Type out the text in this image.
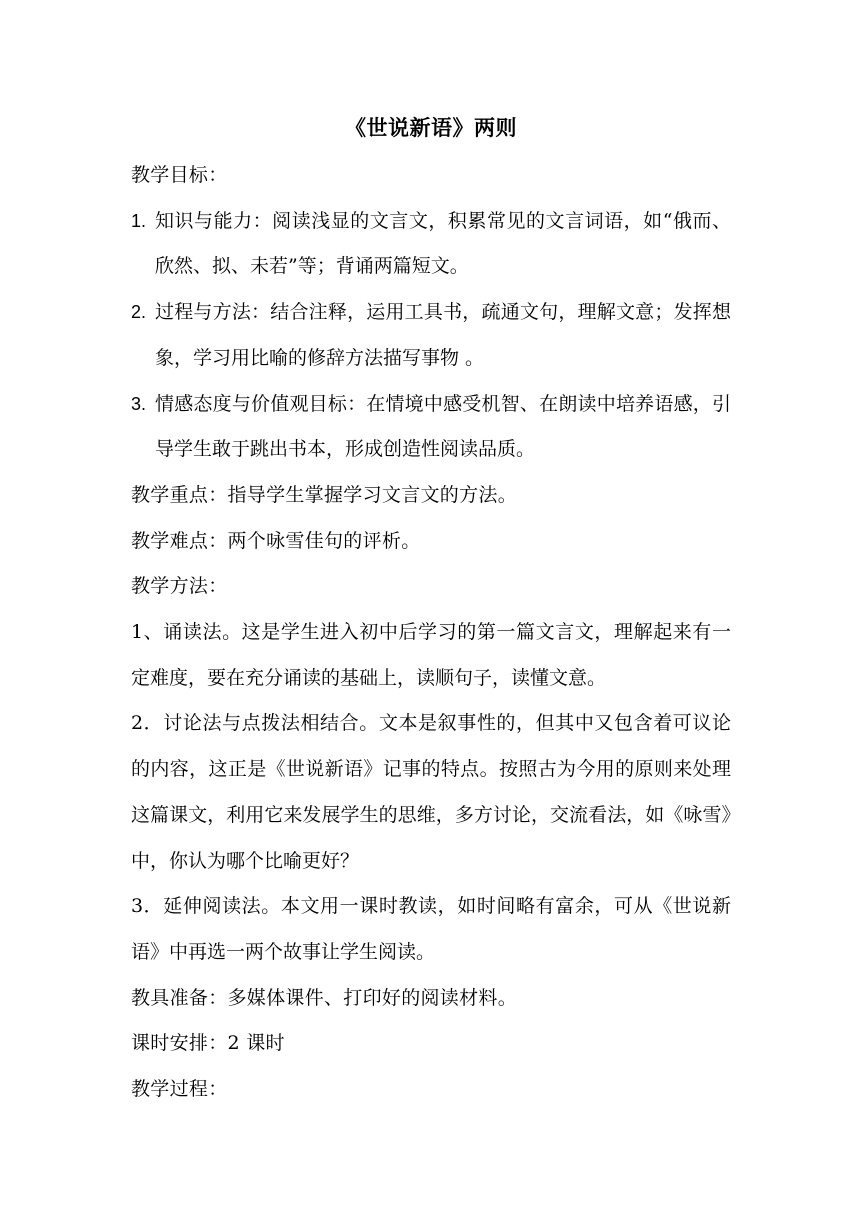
《世说新语》两则

教学目标：

1. 知识与能力：阅读浅显的文言文，积累常见的文言词语，如“俄而、欣然、拟、未若”等；背诵两篇短文。
2. 过程与方法：结合注释，运用工具书，疏通文句，理解文意；发挥想象，学习用比喻的修辞方法描写事物 。
3. 情感态度与价值观目标：在情境中感受机智、在朗读中培养语感，引导学生敢于跳出书本，形成创造性阅读品质。

教学重点：指导学生掌握学习文言文的方法。

教学难点：两个咏雪佳句的评析。

教学方法：

1、诵读法。这是学生进入初中后学习的第一篇文言文，理解起来有一定难度，要在充分诵读的基础上，读顺句子，读懂文意。

2．讨论法与点拨法相结合。文本是叙事性的，但其中又包含着可议论的内容，这正是《世说新语》记事的特点。按照古为今用的原则来处理这篇课文，利用它来发展学生的思维，多方讨论，交流看法，如《咏雪》中，你认为哪个比喻更好？

3．延伸阅读法。本文用一课时教读，如时间略有富余，可从《世说新语》中再选一两个故事让学生阅读。

教具准备：多媒体课件、打印好的阅读材料。

课时安排：2 课时

教学过程：
